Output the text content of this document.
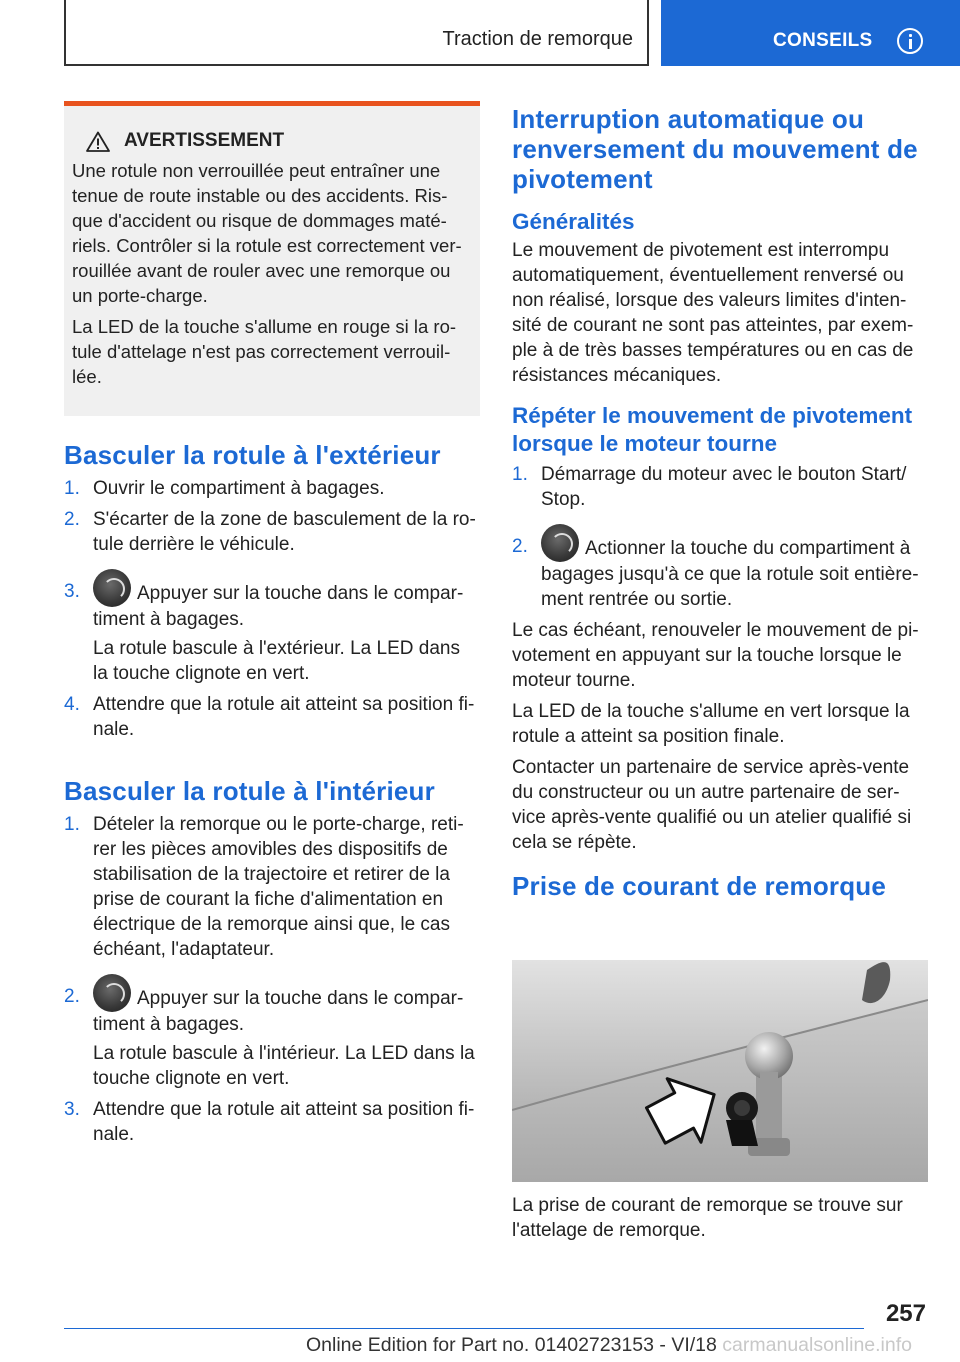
Traction de remorque	CONSEILS
AVERTISSEMENT

Une rotule non verrouillée peut entraîner une tenue de route instable ou des accidents. Ris-que d'accident ou risque de dommages maté-riels. Contrôler si la rotule est correctement ver-rouillée avant de rouler avec une remorque ou un porte-charge.

La LED de la touche s'allume en rouge si la ro-tule d'attelage n'est pas correctement verrouil-lée.

Basculer la rotule à l'extérieur
1. Ouvrir le compartiment à bagages.
2. S'écarter de la zone de basculement de la ro-tule derrière le véhicule.
3.	Appuyer sur la touche dans le compar-timent à bagages.
La rotule bascule à l'extérieur. La LED dans la touche clignote en vert.
4. Attendre que la rotule ait atteint sa position fi-nale.
Basculer la rotule à l'intérieur
1. Dételer la remorque ou le porte-charge, reti-rer les pièces amovibles des dispositifs de stabilisation de la trajectoire et retirer de la prise de courant la fiche d'alimentation en électrique de la remorque ainsi que, le cas échéant, l'adaptateur.
2.	Appuyer sur la touche dans le compar-timent à bagages.
La rotule bascule à l'intérieur. La LED dans la touche clignote en vert.
3. Attendre que la rotule ait atteint sa position fi-nale.
Interruption automatique ou renversement du mouvement de pivotement
Généralités

Le mouvement de pivotement est interrompu automatiquement, éventuellement renversé ou non réalisé, lorsque des valeurs limites d'inten-sité de courant ne sont pas atteintes, par exem-ple à de très basses températures ou en cas de résistances mécaniques.

Répéter le mouvement de pivotement lorsque le moteur tourne
1. Démarrage du moteur avec le bouton Start/ Stop.
2.	Actionner la touche du compartiment à bagages jusqu'à ce que la rotule soit entière-ment rentrée ou sortie.

Le cas échéant, renouveler le mouvement de pi-votement en appuyant sur la touche lorsque le moteur tourne.

La LED de la touche s'allume en vert lorsque la rotule a atteint sa position finale.

Contacter un partenaire de service après-vente du constructeur ou un autre partenaire de ser-vice après-vente qualifié ou un atelier qualifié si cela se répète.

Prise de courant de remorque

La prise de courant de remorque se trouve sur l'attelage de remorque.

257
Online Edition for Part no. 01402723153 - VI/18 carmanualsonline.info
